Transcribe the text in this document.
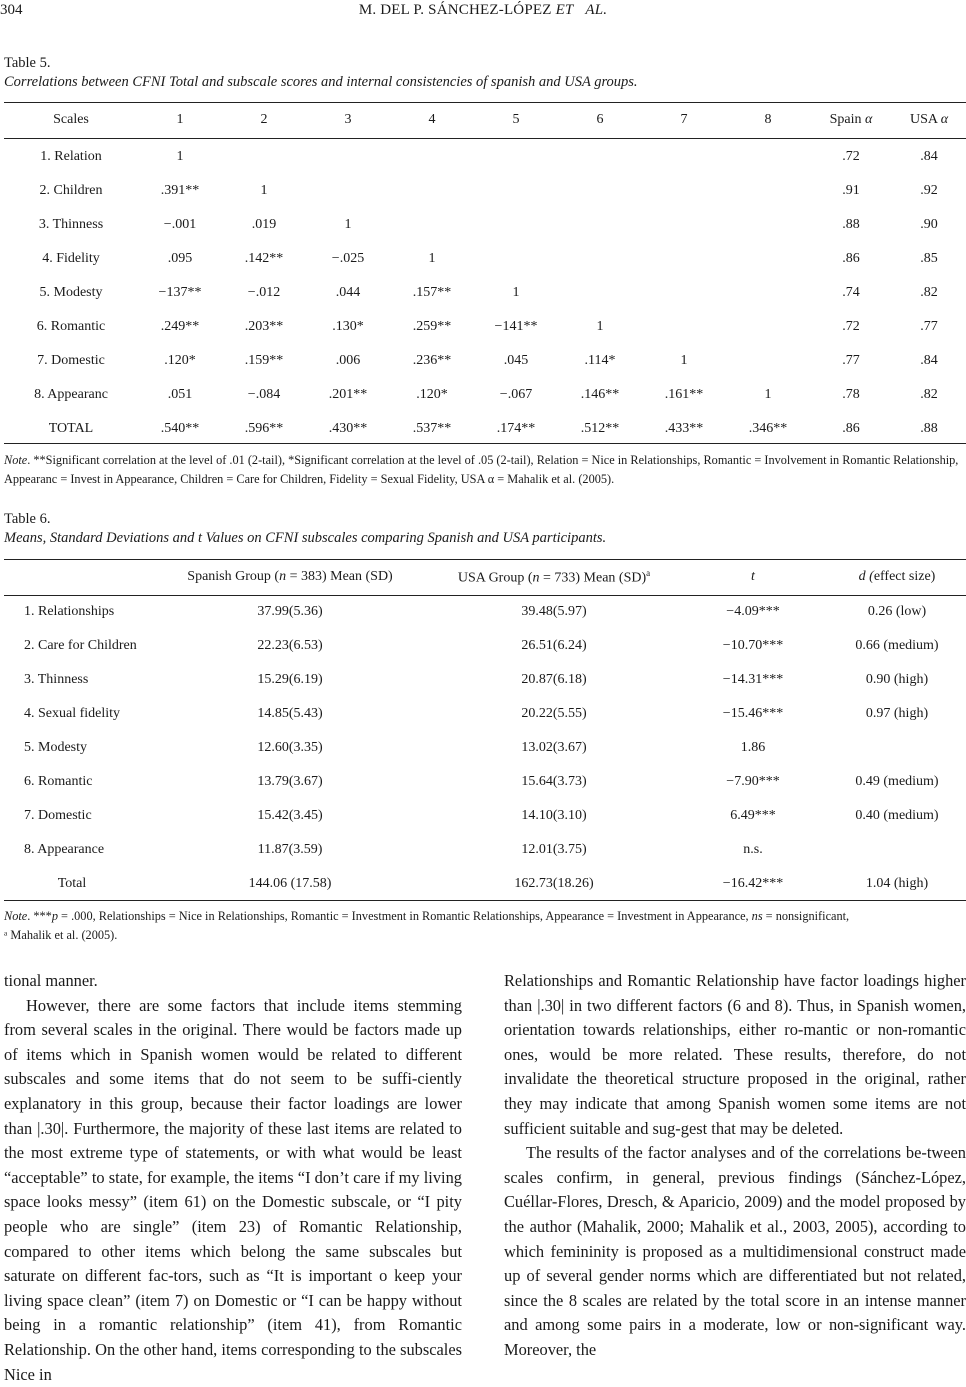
304	M. DEL P. SÁNCHEZ-LÓPEZ ET AL.
Table 5.
Correlations between CFNI Total and subscale scores and internal consistencies of spanish and USA groups.
Scales	1	2	3	4	5	6	7	8	Spain α	USA α
1. Relation	1								.72	.84
2. Children	.391**	1							.91	.92
3. Thinness	−.001	.019	1						.88	.90
4. Fidelity	.095	.142**	−.025	1					.86	.85
5. Modesty	−137**	−.012	.044	.157**	1				.74	.82
6. Romantic	.249**	.203**	.130*	.259**	−141**	1			.72	.77
7. Domestic	.120*	.159**	.006	.236**	.045	.114*	1		.77	.84
8. Appearanc	.051	−.084	.201**	.120*	−.067	.146**	.161**	1	.78	.82
TOTAL	.540**	.596**	.430**	.537**	.174**	.512**	.433**	.346**	.86	.88
Note. **Significant correlation at the level of .01 (2-tail), *Significant correlation at the level of .05 (2-tail), Relation = Nice in Relationships, Romantic = Involvement in Romantic Relationship, Appearanc = Invest in Appearance, Children = Care for Children, Fidelity = Sexual Fidelity, USA α = Mahalik et al. (2005).
Table 6.
Means, Standard Deviations and t Values on CFNI subscales comparing Spanish and USA participants.
	Spanish Group (n = 383) Mean (SD)	USA Group (n = 733) Mean (SD)$^a$	t	d (effect size)
1. Relationships	37.99(5.36)	39.48(5.97)	−4.09***	0.26 (low)
2. Care for Children	22.23(6.53)	26.51(6.24)	−10.70***	0.66 (medium)
3. Thinness	15.29(6.19)	20.87(6.18)	−14.31***	0.90 (high)
4. Sexual fidelity	14.85(5.43)	20.22(5.55)	−15.46***	0.97 (high)
5. Modesty	12.60(3.35)	13.02(3.67)	1.86	
6. Romantic	13.79(3.67)	15.64(3.73)	−7.90***	0.49 (medium)
7. Domestic	15.42(3.45)	14.10(3.10)	6.49***	0.40 (medium)
8. Appearance	11.87(3.59)	12.01(3.75)	n.s.	
Total	144.06 (17.58)	162.73(18.26)	−16.42***	1.04 (high)
Note. ***p = .000, Relationships = Nice in Relationships, Romantic = Investment in Romantic Relationships, Appearance = Investment in Appearance, ns = nonsignificant,
ᵃ Mahalik et al. (2005).

tional manner.

However, there are some factors that include items stemming from several scales in the original. There would be factors made up of items which in Spanish women would be related to different subscales and some items that do not seem to be suffi-ciently explanatory in this group, because their factor loadings are lower than |.30|. Furthermore, the majority of these last items are related to the most extreme type of statements, or with what would be least “acceptable” to state, for example, the items “I don’t care if my living space looks messy” (item 61) on the Domestic subscale, or “I pity people who are single” (item 23) of Romantic Relationship, compared to other items which belong the same subscales but saturate on different fac-tors, such as “It is important o keep your living space clean” (item 7) on Domestic or “I can be happy without being in a romantic relationship” (item 41), from Romantic Relationship. On the other hand, items corresponding to the subscales Nice in

Relationships and Romantic Relationship have factor loadings higher than |.30| in two different factors (6 and 8). Thus, in Spanish women, orientation towards relationships, either ro-mantic or non-romantic ones, would be more related. These results, therefore, do not invalidate the theoretical structure proposed in the original, rather they may indicate that among Spanish women some items are not sufficient suitable and sug-gest that may be deleted.

The results of the factor analyses and of the correlations be-tween scales confirm, in general, previous findings (Sánchez-López, Cuéllar-Flores, Dresch, & Aparicio, 2009) and the model proposed by the author (Mahalik, 2000; Mahalik et al., 2003, 2005), according to which femininity is proposed as a multidimensional construct made up of several gender norms which are differentiated but not related, since the 8 scales are related by the total score in an intense manner and among some pairs in a moderate, low or non-significant way. Moreover, the
